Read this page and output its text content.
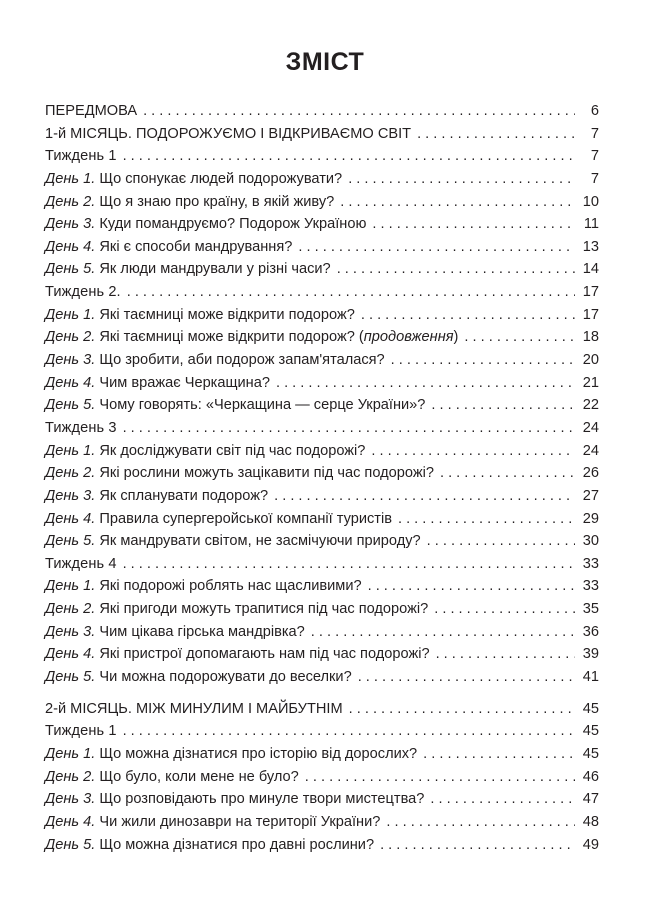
ЗМІСТ
ПЕРЕДМОВА . . .	6
1-й МІСЯЦЬ. ПОДОРОЖУЄМО І ВІДКРИВАЄМО СВІТ . . .	7
Тиждень 1 . . .	7
День 1. Що спонукає людей подорожувати? . . .	7
День 2. Що я знаю про країну, в якій живу? . . .	10
День 3. Куди помандруємо? Подорож Україною . . .	11
День 4. Які є способи мандрування? . . .	13
День 5. Як люди мандрували у різні часи? . . .	14
Тиждень 2. . . .	17
День 1. Які таємниці може відкрити подорож? . . .	17
День 2. Які таємниці може відкрити подорож? (продовження) . . .	18
День 3. Що зробити, аби подорож запам'яталася? . . .	20
День 4. Чим вражає Черкащина? . . .	21
День 5. Чому говорять: «Черкащина — серце України»? . . .	22
Тиждень 3 . . .	24
День 1. Як досліджувати світ під час подорожі? . . .	24
День 2. Які рослини можуть зацікавити під час подорожі? . . .	26
День 3. Як спланувати подорож? . . .	27
День 4. Правила супергеройської компанії туристів . . .	29
День 5. Як мандрувати світом, не засмічуючи природу? . . .	30
Тиждень 4 . . .	33
День 1. Які подорожі роблять нас щасливими? . . .	33
День 2. Які пригоди можуть трапитися під час подорожі? . . .	35
День 3. Чим цікава гірська мандрівка? . . .	36
День 4. Які пристрої допомагають нам під час подорожі? . . .	39
День 5. Чи можна подорожувати до веселки? . . .	41
2-й МІСЯЦЬ. МІЖ МИНУЛИМ І МАЙБУТНІМ . . .	45
Тиждень 1 . . .	45
День 1. Що можна дізнатися про історію від дорослих? . . .	45
День 2. Що було, коли мене не було? . . .	46
День 3. Що розповідають про минуле твори мистецтва? . . .	47
День 4. Чи жили динозаври на території України? . . .	48
День 5. Що можна дізнатися про давні рослини? . . .	49
